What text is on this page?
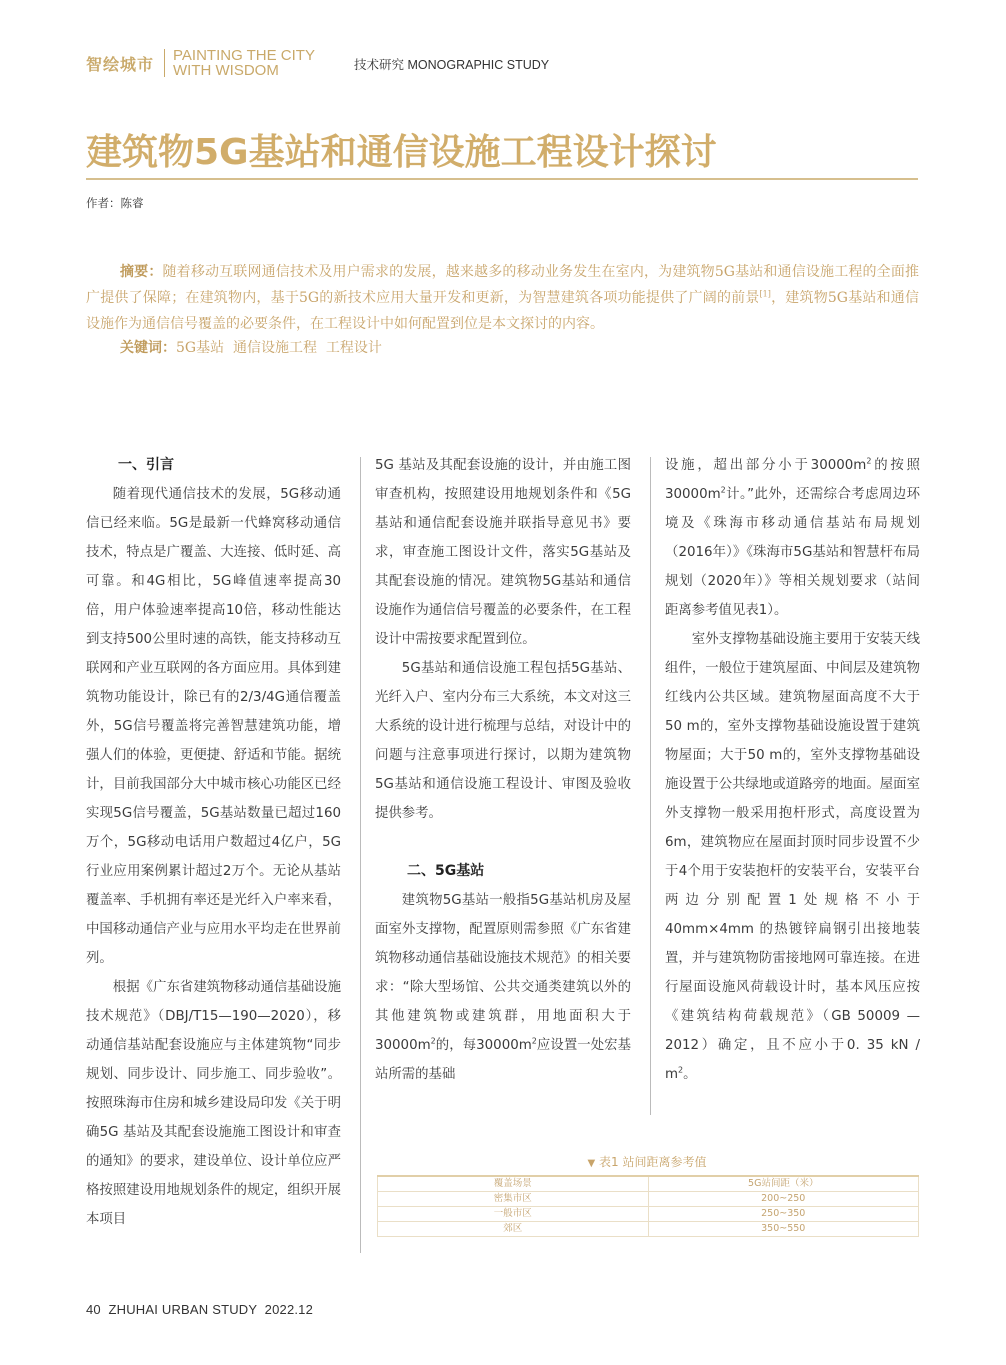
智绘城市 PAINTING THE CITY
WITH WISDOM	技术研究 MONOGRAPHIC STUDY
建筑物5G基站和通信设施工程设计探讨
作者：陈睿
摘要：随着移动互联网通信技术及用户需求的发展，越来越多的移动业务发生在室内，为建筑物5G基站和通信设施工程的全面推广提供了保障；在建筑物内，基于5G的新技术应用大量开发和更新，为智慧建筑各项功能提供了广阔的前景[1]，建筑物5G基站和通信设施作为通信信号覆盖的必要条件，在工程设计中如何配置到位是本文探讨的内容。
关键词：5G基站  通信设施工程  工程设计
一、引言

随着现代通信技术的发展，5G移动通信已经来临。5G是最新一代蜂窝移动通信技术，特点是广覆盖、大连接、低时延、高可靠。和4G相比，5G峰值速率提高30倍，用户体验速率提高10倍，移动性能达到支持500公里时速的高铁，能支持移动互联网和产业互联网的各方面应用。具体到建筑物功能设计，除已有的2/3/4G通信覆盖外，5G信号覆盖将完善智慧建筑功能，增强人们的体验，更便捷、舒适和节能。据统计，目前我国部分大中城市核心功能区已经实现5G信号覆盖，5G基站数量已超过160万个，5G移动电话用户数超过4亿户，5G行业应用案例累计超过2万个。无论从基站覆盖率、手机拥有率还是光纤入户率来看，中国移动通信产业与应用水平均走在世界前列。

根据《广东省建筑物移动通信基础设施技术规范》（DBJ/T15—190—2020），移动通信基站配套设施应与主体建筑物“同步规划、同步设计、同步施工、同步验收”。按照珠海市住房和城乡建设局印发《关于明确5G 基站及其配套设施施工图设计和审查的通知》的要求，建设单位、设计单位应严格按照建设用地规划条件的规定，组织开展本项目

5G 基站及其配套设施的设计，并由施工图审查机构，按照建设用地规划条件和《5G基站和通信配套设施并联指导意见书》要求，审查施工图设计文件，落实5G基站及其配套设施的情况。建筑物5G基站和通信设施作为通信信号覆盖的必要条件，在工程设计中需按要求配置到位。

5G基站和通信设施工程包括5G基站、光纤入户、室内分布三大系统，本文对这三大系统的设计进行梳理与总结，对设计中的问题与注意事项进行探讨，以期为建筑物5G基站和通信设施工程设计、审图及验收提供参考。

二、5G基站

建筑物5G基站一般指5G基站机房及屋面室外支撑物，配置原则需参照《广东省建筑物移动通信基础设施技术规范》的相关要求：“除大型场馆、公共交通类建筑以外的其他建筑物或建筑群，用地面积大于$30000m^2$的，每$30000m^2$应设置一处宏基站所需的基础

设施，超出部分小于$30000m^2$的按照$30000m^2$计。”此外，还需综合考虑周边环境及《珠海市移动通信基站布局规划（2016年）》《珠海市5G基站和智慧杆布局规划（2020年）》等相关规划要求（站间距离参考值见表1）。

室外支撑物基础设施主要用于安装天线组件，一般位于建筑屋面、中间层及建筑物红线内公共区域。建筑物屋面高度不大于50 m的，室外支撑物基础设施设置于建筑物屋面；大于50 m的，室外支撑物基础设施设置于公共绿地或道路旁的地面。屋面室外支撑物一般采用抱杆形式，高度设置为6m，建筑物应在屋面封顶时同步设置不少于4个用于安装抱杆的安装平台，安装平台两边分别配置1处规格不小于40mm×4mm 的热镀锌扁钢引出接地装置，并与建筑物防雷接地网可靠连接。在进行屋面设施风荷载设计时，基本风压应按《建筑结构荷载规范》（GB 50009 —2012）确定，且不应小于0. 35 kN / $m^2$。

▼ 表1 站间距离参考值
覆盖场景	5G站间距（米）
密集市区	200~250
一般市区	250~350
郊区	350~550
40  ZHUHAI URBAN STUDY  2022.12
